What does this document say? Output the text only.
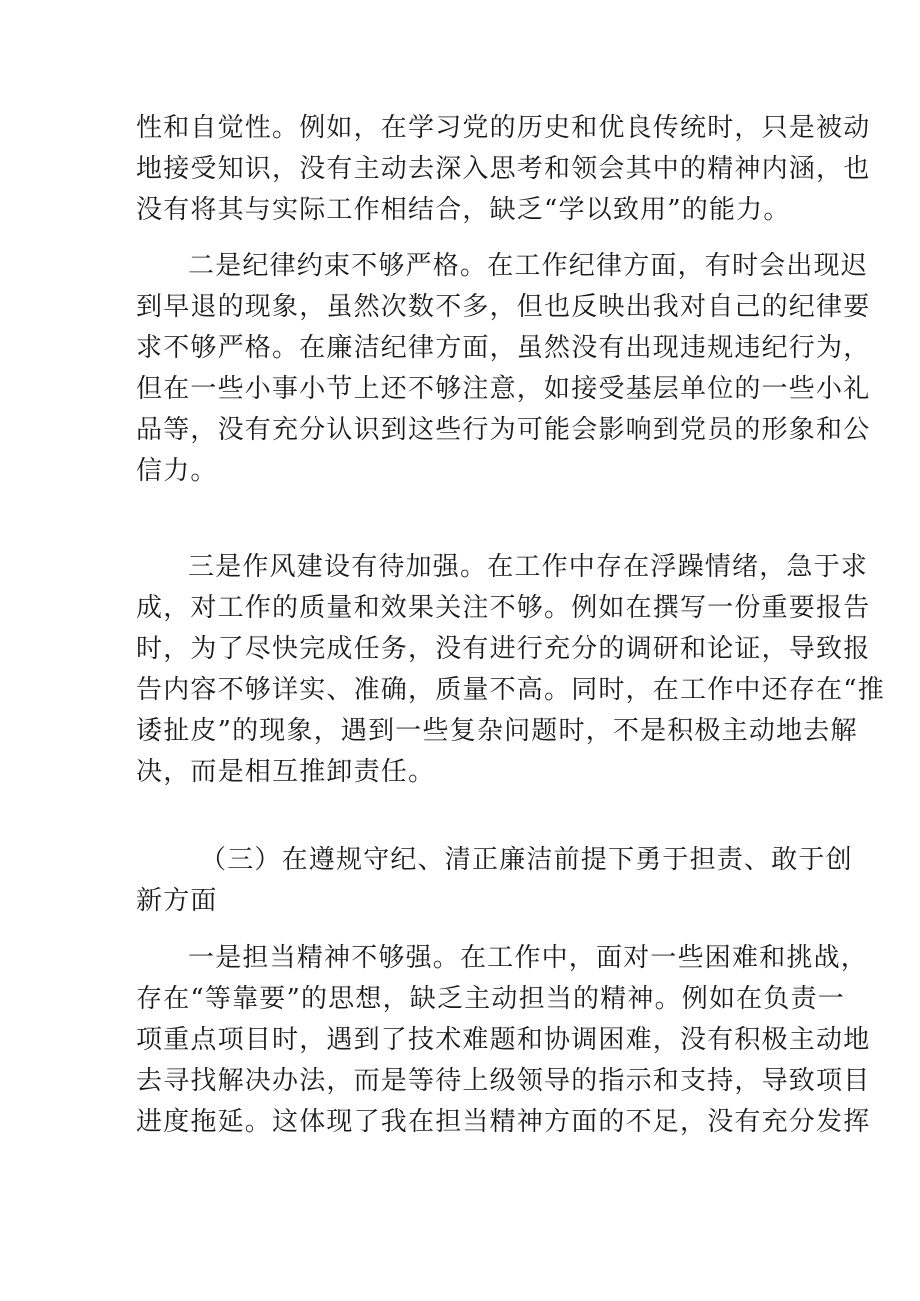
性和自觉性。例如，在学习党的历史和优良传统时，只是被动
地接受知识，没有主动去深入思考和领会其中的精神内涵，也
没有将其与实际工作相结合，缺乏“学以致用”的能力。

二是纪律约束不够严格。在工作纪律方面，有时会出现迟
到早退的现象，虽然次数不多，但也反映出我对自己的纪律要
求不够严格。在廉洁纪律方面，虽然没有出现违规违纪行为，
但在一些小事小节上还不够注意，如接受基层单位的一些小礼
品等，没有充分认识到这些行为可能会影响到党员的形象和公
信力。

三是作风建设有待加强。在工作中存在浮躁情绪，急于求
成，对工作的质量和效果关注不够。例如在撰写一份重要报告
时，为了尽快完成任务，没有进行充分的调研和论证，导致报
告内容不够详实、准确，质量不高。同时，在工作中还存在“推
诿扯皮”的现象，遇到一些复杂问题时，不是积极主动地去解
决，而是相互推卸责任。

（三）在遵规守纪、清正廉洁前提下勇于担责、敢于创
新方面

一是担当精神不够强。在工作中，面对一些困难和挑战，
存在“等靠要”的思想，缺乏主动担当的精神。例如在负责一
项重点项目时，遇到了技术难题和协调困难，没有积极主动地
去寻找解决办法，而是等待上级领导的指示和支持，导致项目
进度拖延。这体现了我在担当精神方面的不足，没有充分发挥
